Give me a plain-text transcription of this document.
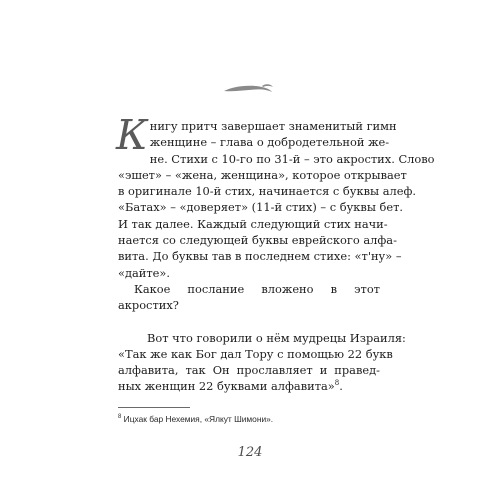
К нигу притч завершает знаменитый гимн
женщине – глава о добродетельной же-
не. Стихи с 10-го по 31-й – это акростих. Слово
«эшет» – «жена, женщина», которое открывает
в оригинале 10-й стих, начинается с буквы алеф.
«Батах» – «доверяет» (11-й стих) – с буквы бет.
И так далее. Каждый следующий стих начи-
нается со следующей буквы еврейского алфа-
вита. До буквы тав в последнем стихе: «т'ну» –
«дайте».

Какое послание вложено в этот акростих?

Вот что говорили о нём мудрецы Израиля:
«Так же как Бог дал Тору с помощью 22 букв
алфавита, так Он прославляет и правед-
ных женщин 22 буквами алфавита»$^8$.

$^8$ Ицхак бар Нехемия, «Ялкут Шимони».
124
